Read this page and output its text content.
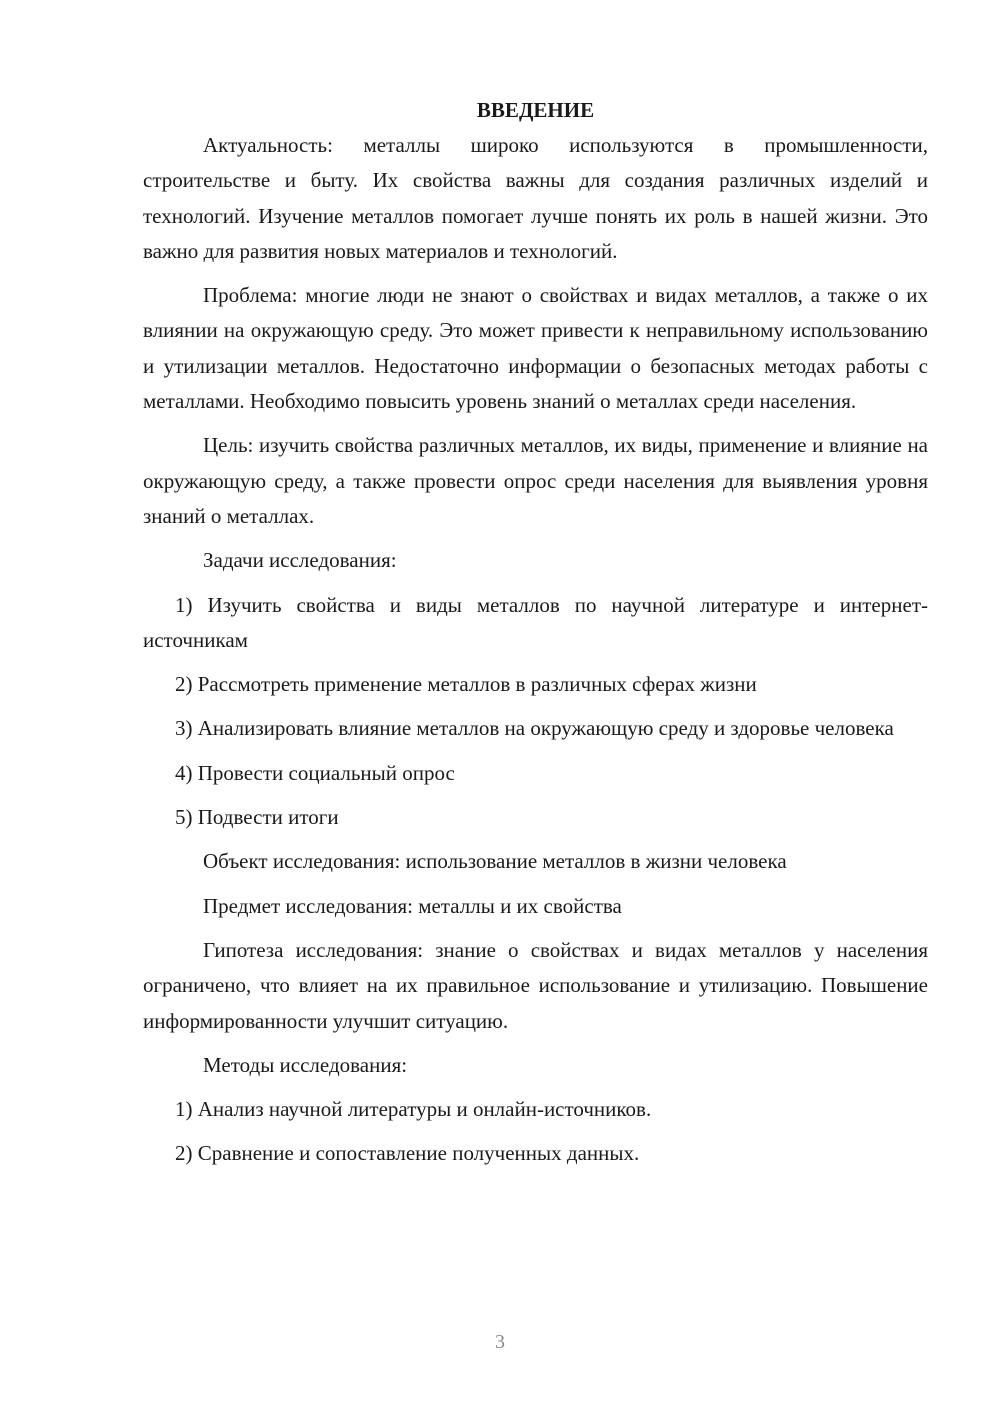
ВВЕДЕНИЕ

Актуальность: металлы широко используются в промышленности, строительстве и быту. Их свойства важны для создания различных изделий и технологий. Изучение металлов помогает лучше понять их роль в нашей жизни. Это важно для развития новых материалов и технологий.

Проблема: многие люди не знают о свойствах и видах металлов, а также о их влиянии на окружающую среду. Это может привести к неправильному использованию и утилизации металлов. Недостаточно информации о безопасных методах работы с металлами. Необходимо повысить уровень знаний о металлах среди населения.

Цель: изучить свойства различных металлов, их виды, применение и влияние на окружающую среду, а также провести опрос среди населения для выявления уровня знаний о металлах.

Задачи исследования:

1) Изучить свойства и виды металлов по научной литературе и интернет-источникам

2) Рассмотреть применение металлов в различных сферах жизни

3) Анализировать влияние металлов на окружающую среду и здоровье человека

4) Провести социальный опрос

5) Подвести итоги

Объект исследования: использование металлов в жизни человека

Предмет исследования: металлы и их свойства

Гипотеза исследования: знание о свойствах и видах металлов у населения ограничено, что влияет на их правильное использование и утилизацию. Повышение информированности улучшит ситуацию.

Методы исследования:

1) Анализ научной литературы и онлайн-источников.

2) Сравнение и сопоставление полученных данных.

3
